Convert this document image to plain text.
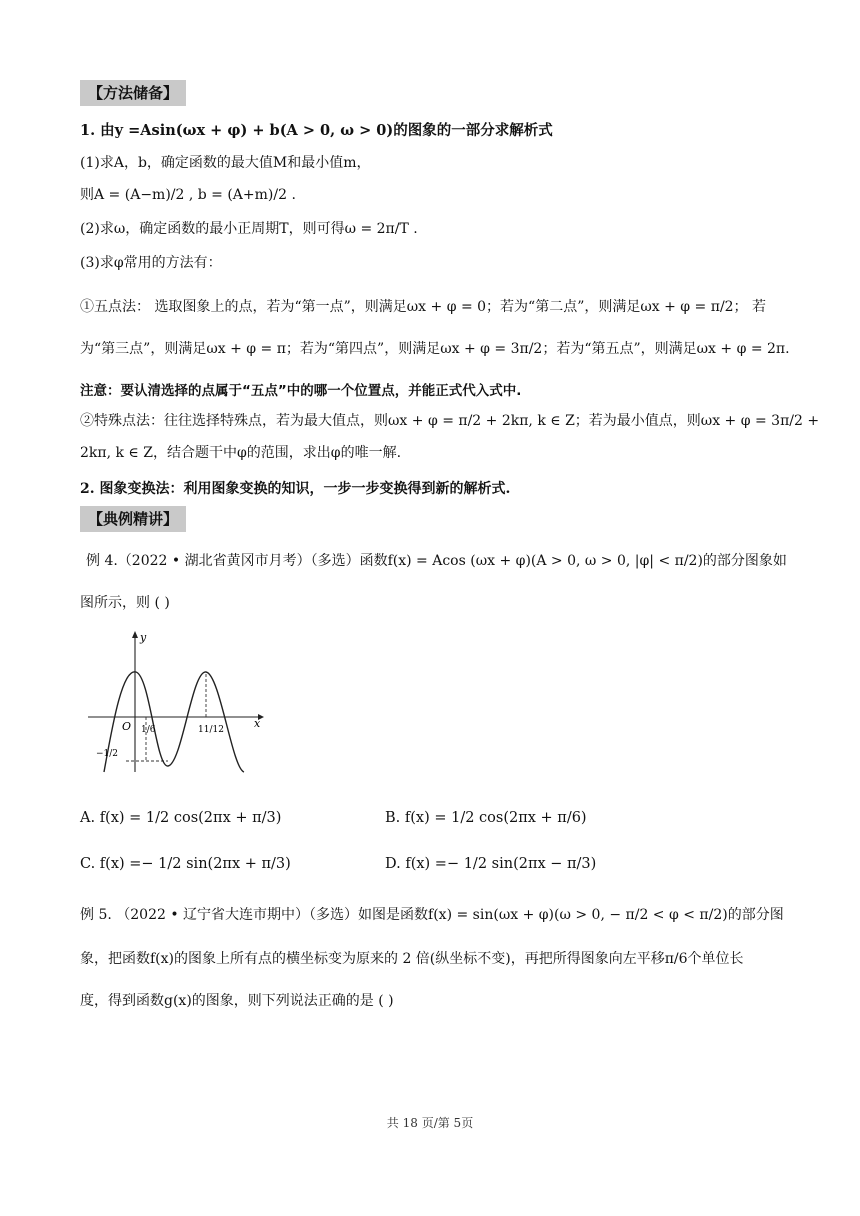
【方法储备】
1. 由y =Asin(ωx + φ) + b(A > 0, ω > 0)的图象的一部分求解析式
(1)求A，b，确定函数的最大值M和最小值m，
则A = (A−m)/2 , b = (A+m)/2 .
(2)求ω，确定函数的最小正周期T，则可得ω = 2π/T .
(3)求φ常用的方法有：
①五点法： 选取图象上的点，若为“第一点”，则满足ωx + φ = 0；若为“第二点”，则满足ωx + φ = π/2； 若
为“第三点”，则满足ωx + φ = π；若为“第四点”，则满足ωx + φ = 3π/2；若为“第五点”，则满足ωx + φ = 2π.
注意：要认清选择的点属于“五点”中的哪一个位置点，并能正式代入式中.
②特殊点法：往往选择特殊点，若为最大值点，则ωx + φ = π/2 + 2kπ, k ∈ Z；若为最小值点，则ωx + φ = 3π/2 +
2kπ, k ∈ Z，结合题干中φ的范围，求出φ的唯一解.
2. 图象变换法：利用图象变换的知识，一步一步变换得到新的解析式.
【典例精讲】
例 4.（2022 • 湖北省黄冈市月考）（多选）函数f(x) = Acos (ωx + φ)(A > 0, ω > 0, |φ| < π/2)的部分图象如
图所示，则 ( )
y
x
O 1/6	11/12
−1/2
A. f(x) = 1/2 cos(2πx + π/3)	B. f(x) = 1/2 cos(2πx + π/6)
C. f(x) =− 1/2 sin(2πx + π/3)	D. f(x) =− 1/2 sin(2πx − π/3)
例 5. （2022 • 辽宁省大连市期中）（多选）如图是函数f(x) = sin(ωx + φ)(ω > 0, − π/2 < φ < π/2)的部分图
象，把函数f(x)的图象上所有点的横坐标变为原来的 2 倍(纵坐标不变)，再把所得图象向左平移π/6个单位长
度，得到函数g(x)的图象，则下列说法正确的是 ( )
共 18 页/第 5页
